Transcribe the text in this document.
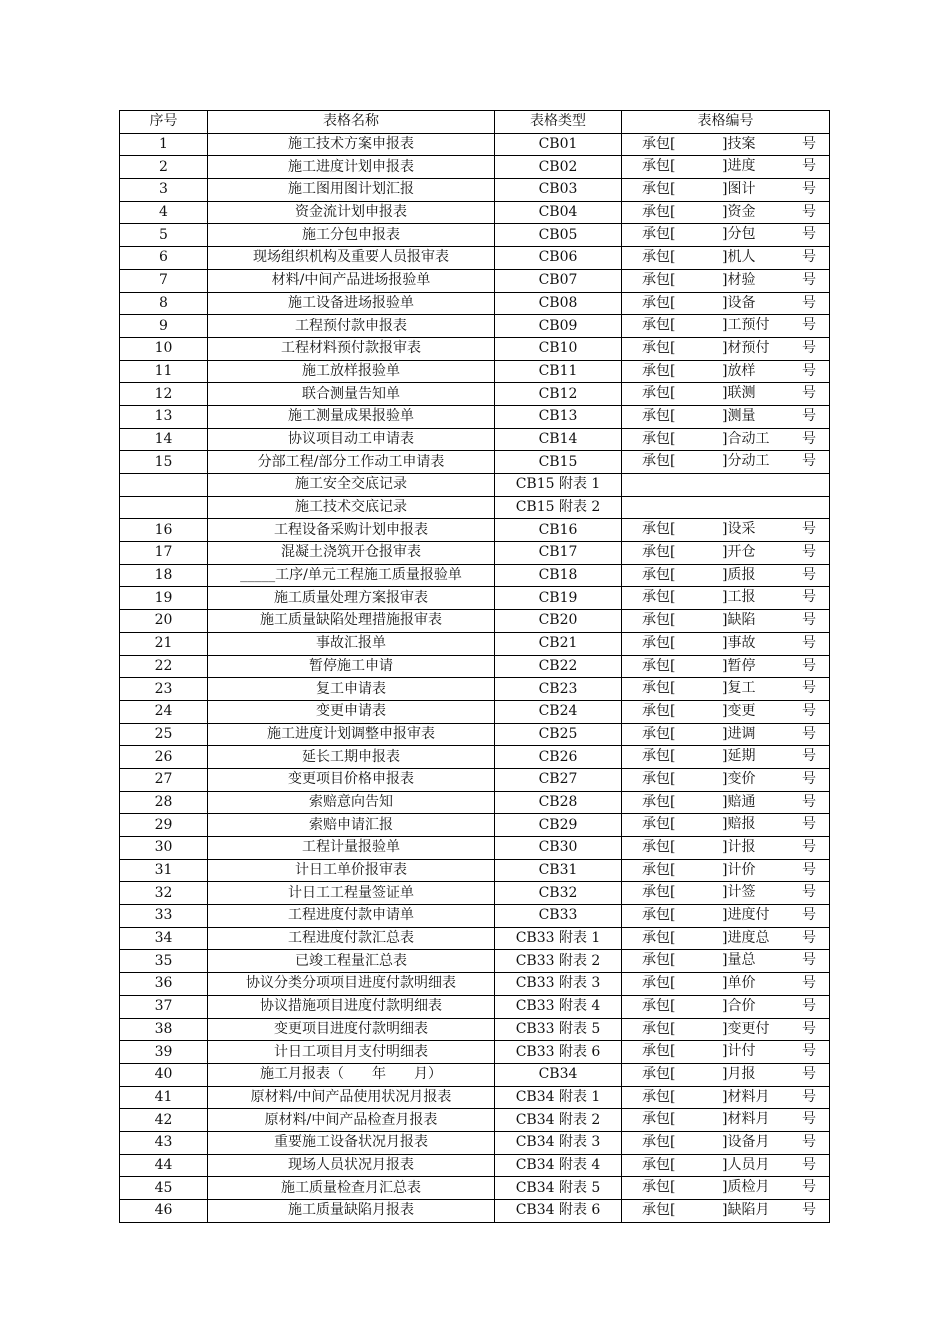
序号	表格名称	表格类型	表格编号
1	施工技术方案申报表	CB01	承包[ ]技案 号

2	施工进度计划申报表	CB02	承包[ ]进度 号

3	施工图用图计划汇报	CB03	承包[ ]图计 号

4	资金流计划申报表	CB04	承包[ ]资金 号

5	施工分包申报表	CB05	承包[ ]分包 号

6	现场组织机构及重要人员报审表	CB06	承包[ ]机人 号

7	材料/中间产品进场报验单	CB07	承包[ ]材验 号

8	施工设备进场报验单	CB08	承包[ ]设备 号

9	工程预付款申报表	CB09	承包[ ]工预付 号

10	工程材料预付款报审表	CB10	承包[ ]材预付 号

11	施工放样报验单	CB11	承包[ ]放样 号

12	联合测量告知单	CB12	承包[ ]联测 号

13	施工测量成果报验单	CB13	承包[ ]测量 号

14	协议项目动工申请表	CB14	承包[ ]合动工 号

15	分部工程/部分工作动工申请表	CB15	承包[ ]分动工 号

	施工安全交底记录	CB15 附表 1	
	施工技术交底记录	CB15 附表 2	
16	工程设备采购计划申报表	CB16	承包[ ]设采 号

17	混凝土浇筑开仓报审表	CB17	承包[ ]开仓 号

18	_____工序/单元工程施工质量报验单	CB18	承包[ ]质报 号

19	施工质量处理方案报审表	CB19	承包[ ]工报 号

20	施工质量缺陷处理措施报审表	CB20	承包[ ]缺陷 号

21	事故汇报单	CB21	承包[ ]事故 号

22	暂停施工申请	CB22	承包[ ]暂停 号

23	复工申请表	CB23	承包[ ]复工 号

24	变更申请表	CB24	承包[ ]变更 号

25	施工进度计划调整申报审表	CB25	承包[ ]进调 号

26	延长工期申报表	CB26	承包[ ]延期 号

27	变更项目价格申报表	CB27	承包[ ]变价 号

28	索赔意向告知	CB28	承包[ ]赔通 号

29	索赔申请汇报	CB29	承包[ ]赔报 号

30	工程计量报验单	CB30	承包[ ]计报 号

31	计日工单价报审表	CB31	承包[ ]计价 号

32	计日工工程量签证单	CB32	承包[ ]计签 号

33	工程进度付款申请单	CB33	承包[ ]进度付 号

34	工程进度付款汇总表	CB33 附表 1	承包[ ]进度总 号

35	已竣工程量汇总表	CB33 附表 2	承包[ ]量总 号

36	协议分类分项项目进度付款明细表	CB33 附表 3	承包[ ]单价 号

37	协议措施项目进度付款明细表	CB33 附表 4	承包[ ]合价 号

38	变更项目进度付款明细表	CB33 附表 5	承包[ ]变更付 号

39	计日工项目月支付明细表	CB33 附表 6	承包[ ]计付 号

40	施工月报表（　　年　　月）	CB34	承包[ ]月报 号

41	原材料/中间产品使用状况月报表	CB34 附表 1	承包[ ]材料月 号

42	原材料/中间产品检查月报表	CB34 附表 2	承包[ ]材料月 号

43	重要施工设备状况月报表	CB34 附表 3	承包[ ]设备月 号

44	现场人员状况月报表	CB34 附表 4	承包[ ]人员月 号

45	施工质量检查月汇总表	CB34 附表 5	承包[ ]质检月 号

46	施工质量缺陷月报表	CB34 附表 6	承包[ ]缺陷月 号
